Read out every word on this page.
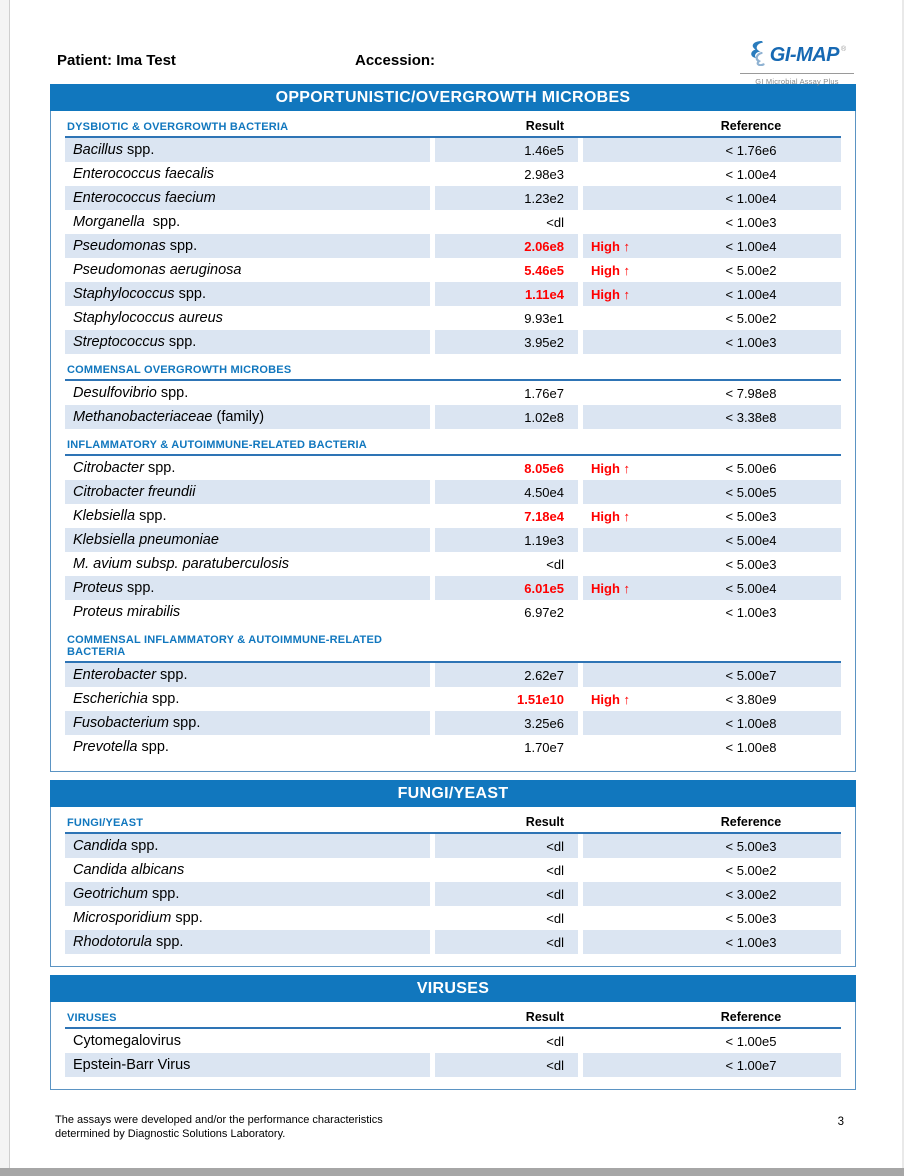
Patient: Ima Test	Accession:	GI-MAP ®
GI Microbial Assay Plus
OPPORTUNISTIC/OVERGROWTH MICROBES
DYSBIOTIC & OVERGROWTH BACTERIA	Result	Reference
Bacillus spp.	1.46e5	< 1.76e6
Enterococcus faecalis	2.98e3	< 1.00e4
Enterococcus faecium	1.23e2	< 1.00e4
Morganella spp.	<dl	< 1.00e3
Pseudomonas spp.	2.06e8	High ↑	< 1.00e4
Pseudomonas aeruginosa	5.46e5	High ↑	< 5.00e2
Staphylococcus spp.	1.11e4	High ↑	< 1.00e4
Staphylococcus aureus	9.93e1	< 5.00e2
Streptococcus spp.	3.95e2	< 1.00e3
COMMENSAL OVERGROWTH MICROBES
Desulfovibrio spp.	1.76e7	< 7.98e8
Methanobacteriaceae (family)	1.02e8	< 3.38e8
INFLAMMATORY & AUTOIMMUNE-RELATED BACTERIA
Citrobacter spp.	8.05e6	High ↑	< 5.00e6
Citrobacter freundii	4.50e4	< 5.00e5
Klebsiella spp.	7.18e4	High ↑	< 5.00e3
Klebsiella pneumoniae	1.19e3	< 5.00e4
M. avium subsp. paratuberculosis	<dl	< 5.00e3
Proteus spp.	6.01e5	High ↑	< 5.00e4
Proteus mirabilis	6.97e2	< 1.00e3
COMMENSAL INFLAMMATORY & AUTOIMMUNE-RELATED BACTERIA
Enterobacter spp.	2.62e7	< 5.00e7
Escherichia spp.	1.51e10	High ↑	< 3.80e9
Fusobacterium spp.	3.25e6	< 1.00e8
Prevotella spp.	1.70e7	< 1.00e8
FUNGI/YEAST
FUNGI/YEAST	Result	Reference
Candida spp.	<dl	< 5.00e3
Candida albicans	<dl	< 5.00e2
Geotrichum spp.	<dl	< 3.00e2
Microsporidium spp.	<dl	< 5.00e3
Rhodotorula spp.	<dl	< 1.00e3
VIRUSES
VIRUSES	Result	Reference
Cytomegalovirus	<dl	< 1.00e5
Epstein-Barr Virus	<dl	< 1.00e7
The assays were developed and/or the performance characteristics
determined by Diagnostic Solutions Laboratory.
3
